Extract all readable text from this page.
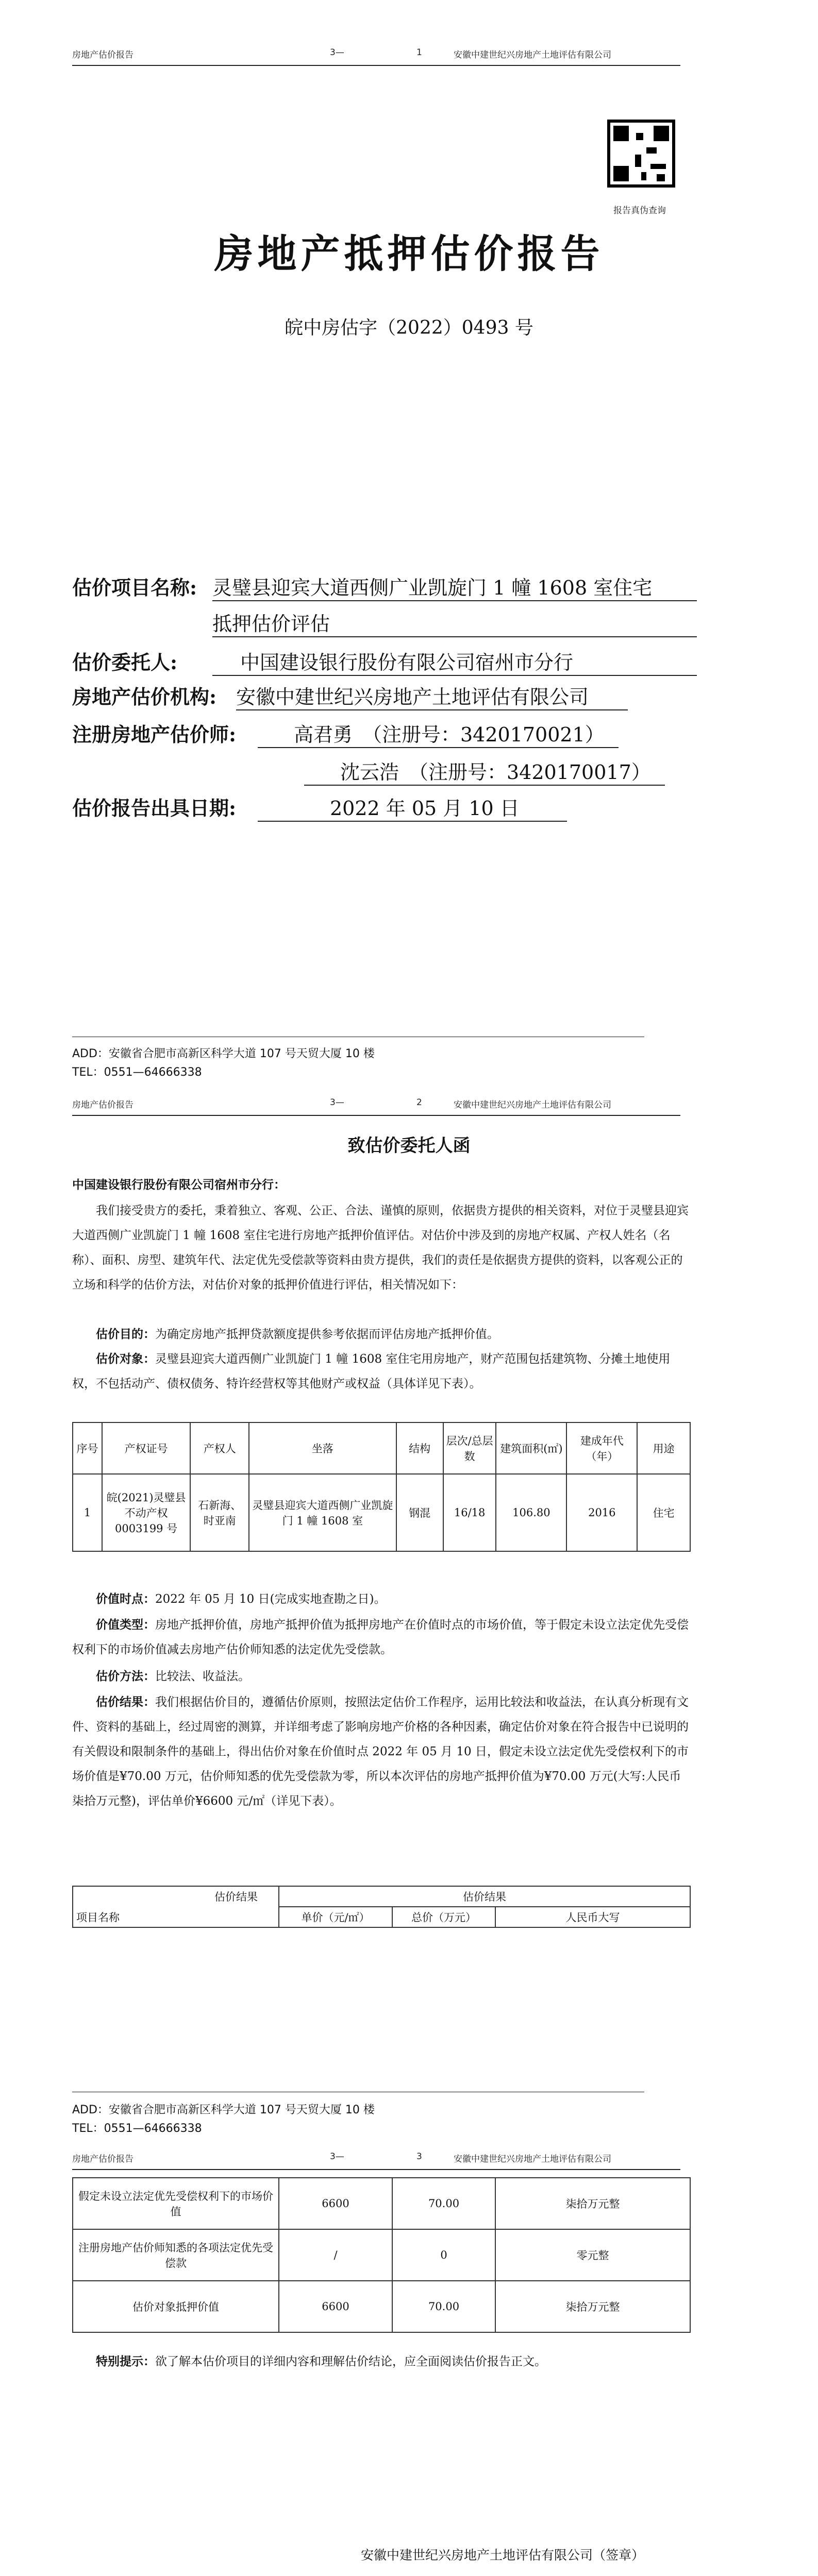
房地产估价报告	3—	1	安徽中建世纪兴房地产土地评估有限公司
报告真伪查询
房地产抵押估价报告
皖中房估字（2022）0493 号
估价项目名称: 灵璧县迎宾大道西侧广业凯旋门 1 幢 1608 室住宅
抵押估价评估
估价委托人:	中国建设银行股份有限公司宿州市分行
房地产估价机构: 安徽中建世纪兴房地产土地评估有限公司
注册房地产估价师:	高君勇　（注册号：3420170021）
沈云浩　（注册号：3420170017）
估价报告出具日期:	2022 年 05 月 10 日
ADD：安徽省合肥市高新区科学大道 107 号天贸大厦 10 楼
TEL：0551—64666338
房地产估价报告	3—	2	安徽中建世纪兴房地产土地评估有限公司
致估价委托人函
中国建设银行股份有限公司宿州市分行：
我们接受贵方的委托，秉着独立、客观、公正、合法、谨慎的原则，依据贵方提供的相关资料，对位于灵璧县迎宾大道西侧广业凯旋门 1 幢 1608 室住宅进行房地产抵押价值评估。对估价中涉及到的房地产权属、产权人姓名（名称）、面积、房型、建筑年代、法定优先受偿款等资料由贵方提供，我们的责任是依据贵方提供的资料，以客观公正的立场和科学的估价方法，对估价对象的抵押价值进行评估，相关情况如下：
估价目的：为确定房地产抵押贷款额度提供参考依据而评估房地产抵押价值。
估价对象：灵璧县迎宾大道西侧广业凯旋门 1 幢 1608 室住宅用房地产，财产范围包括建筑物、分摊土地使用权，不包括动产、债权债务、特许经营权等其他财产或权益（具体详见下表）。
序号	产权证号	产权人	坐落	结构	层次/总层数	建筑面积(㎡)	建成年代（年）	用途
1	皖(2021)灵璧县不动产权0003199 号	石新海、时亚南	灵璧县迎宾大道西侧广业凯旋门 1 幢 1608 室	钢混	16/18	106.80	2016	住宅
价值时点：2022 年 05 月 10 日(完成实地查勘之日)。
价值类型：房地产抵押价值，房地产抵押价值为抵押房地产在价值时点的市场价值，等于假定未设立法定优先受偿权利下的市场价值减去房地产估价师知悉的法定优先受偿款。
估价方法：比较法、收益法。
估价结果：我们根据估价目的，遵循估价原则，按照法定估价工作程序，运用比较法和收益法，在认真分析现有文件、资料的基础上，经过周密的测算，并详细考虑了影响房地产价格的各种因素，确定估价对象在符合报告中已说明的有关假设和限制条件的基础上，得出估价对象在价值时点 2022 年 05 月 10 日，假定未设立法定优先受偿权利下的市场价值是¥70.00 万元，估价师知悉的优先受偿款为零，所以本次评估的房地产抵押价值为¥70.00 万元(大写:人民币柒拾万元整)，评估单价¥6600 元/㎡（详见下表）。
估价结果
项目名称	估价结果		
	单价（元/㎡）	总价（万元）	人民币大写
ADD：安徽省合肥市高新区科学大道 107 号天贸大厦 10 楼
TEL：0551—64666338
房地产估价报告	3—	3	安徽中建世纪兴房地产土地评估有限公司
假定未设立法定优先受偿权利下的市场价值	6600	70.00	柒拾万元整
注册房地产估价师知悉的各项法定优先受偿款	/	0	零元整
估价对象抵押价值	6600	70.00	柒拾万元整
特别提示：欲了解本估价项目的详细内容和理解估价结论，应全面阅读估价报告正文。
安徽中建世纪兴房地产土地评估有限公司（签章）
